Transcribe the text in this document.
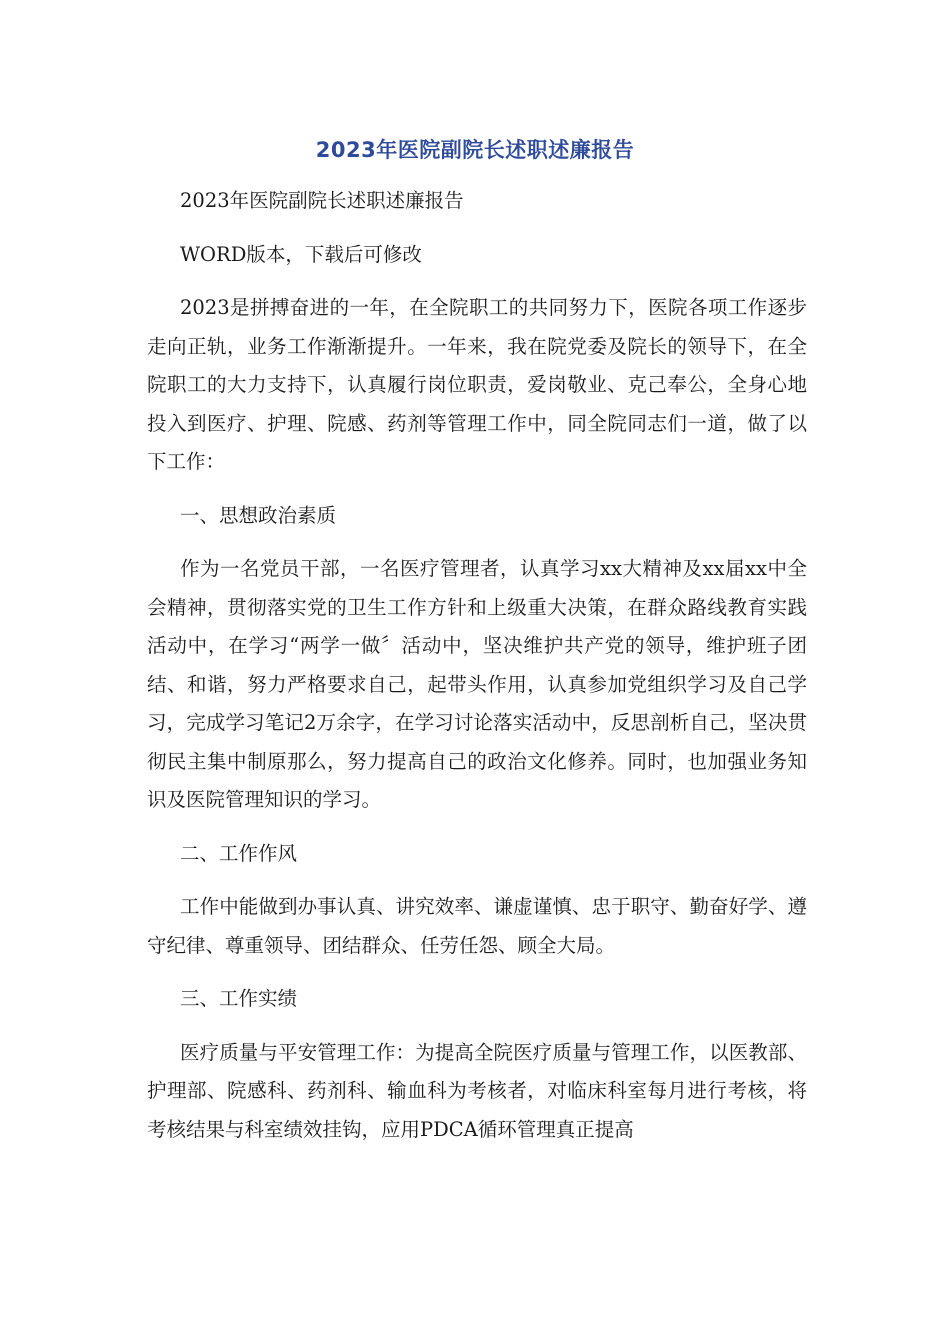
2023年医院副院长述职述廉报告

2023年医院副院长述职述廉报告

WORD版本，下载后可修改

2023是拼搏奋进的一年，在全院职工的共同努力下，医院各项工作逐步走向正轨，业务工作渐渐提升。一年来，我在院党委及院长的领导下，在全院职工的大力支持下，认真履行岗位职责，爱岗敬业、克己奉公，全身心地投入到医疗、护理、院感、药剂等管理工作中，同全院同志们一道，做了以下工作：

一、思想政治素质

作为一名党员干部，一名医疗管理者，认真学习xx大精神及xx届xx中全会精神，贯彻落实党的卫生工作方针和上级重大决策，在群众路线教育实践活动中，在学习“两学一做〞活动中，坚决维护共产党的领导，维护班子团结、和谐，努力严格要求自己，起带头作用，认真参加党组织学习及自己学习，完成学习笔记2万余字，在学习讨论落实活动中，反思剖析自己，坚决贯彻民主集中制原那么，努力提高自己的政治文化修养。同时，也加强业务知识及医院管理知识的学习。

二、工作作风

工作中能做到办事认真、讲究效率、谦虚谨慎、忠于职守、勤奋好学、遵守纪律、尊重领导、团结群众、任劳任怨、顾全大局。

三、工作实绩

医疗质量与平安管理工作：为提高全院医疗质量与管理工作，以医教部、护理部、院感科、药剂科、输血科为考核者，对临床科室每月进行考核，将考核结果与科室绩效挂钩，应用PDCA循环管理真正提高
